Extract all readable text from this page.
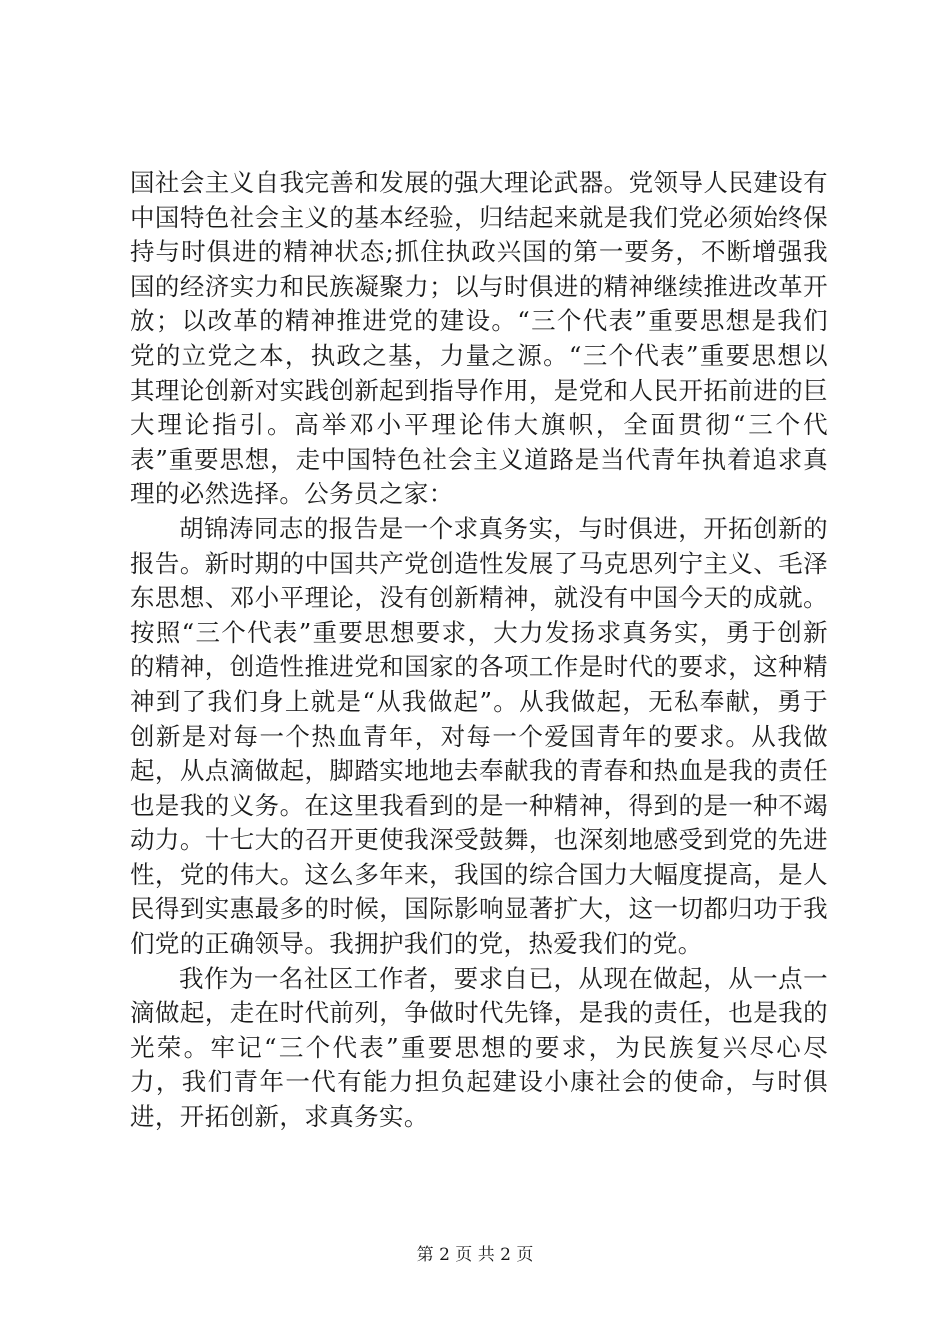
国社会主义自我完善和发展的强大理论武器。党领导人民建设有中国特色社会主义的基本经验，归结起来就是我们党必须始终保持与时俱进的精神状态;抓住执政兴国的第一要务，不断增强我国的经济实力和民族凝聚力；以与时俱进的精神继续推进改革开放；以改革的精神推进党的建设。“三个代表”重要思想是我们党的立党之本，执政之基，力量之源。“三个代表”重要思想以其理论创新对实践创新起到指导作用，是党和人民开拓前进的巨大理论指引。高举邓小平理论伟大旗帜，全面贯彻“三个代表”重要思想，走中国特色社会主义道路是当代青年执着追求真理的必然选择。公务员之家：

胡锦涛同志的报告是一个求真务实，与时俱进，开拓创新的报告。新时期的中国共产党创造性发展了马克思列宁主义、毛泽东思想、邓小平理论，没有创新精神，就没有中国今天的成就。按照“三个代表”重要思想要求，大力发扬求真务实，勇于创新的精神，创造性推进党和国家的各项工作是时代的要求，这种精神到了我们身上就是“从我做起”。从我做起，无私奉献，勇于创新是对每一个热血青年，对每一个爱国青年的要求。从我做起，从点滴做起，脚踏实地地去奉献我的青春和热血是我的责任也是我的义务。在这里我看到的是一种精神，得到的是一种不竭动力。十七大的召开更使我深受鼓舞，也深刻地感受到党的先进性，党的伟大。这么多年来，我国的综合国力大幅度提高，是人民得到实惠最多的时候，国际影响显著扩大，这一切都归功于我们党的正确领导。我拥护我们的党，热爱我们的党。

我作为一名社区工作者，要求自已，从现在做起，从一点一滴做起，走在时代前列，争做时代先锋，是我的责任，也是我的光荣。牢记“三个代表”重要思想的要求，为民族复兴尽心尽力，我们青年一代有能力担负起建设小康社会的使命，与时俱进，开拓创新，求真务实。

第 2 页 共 2 页
